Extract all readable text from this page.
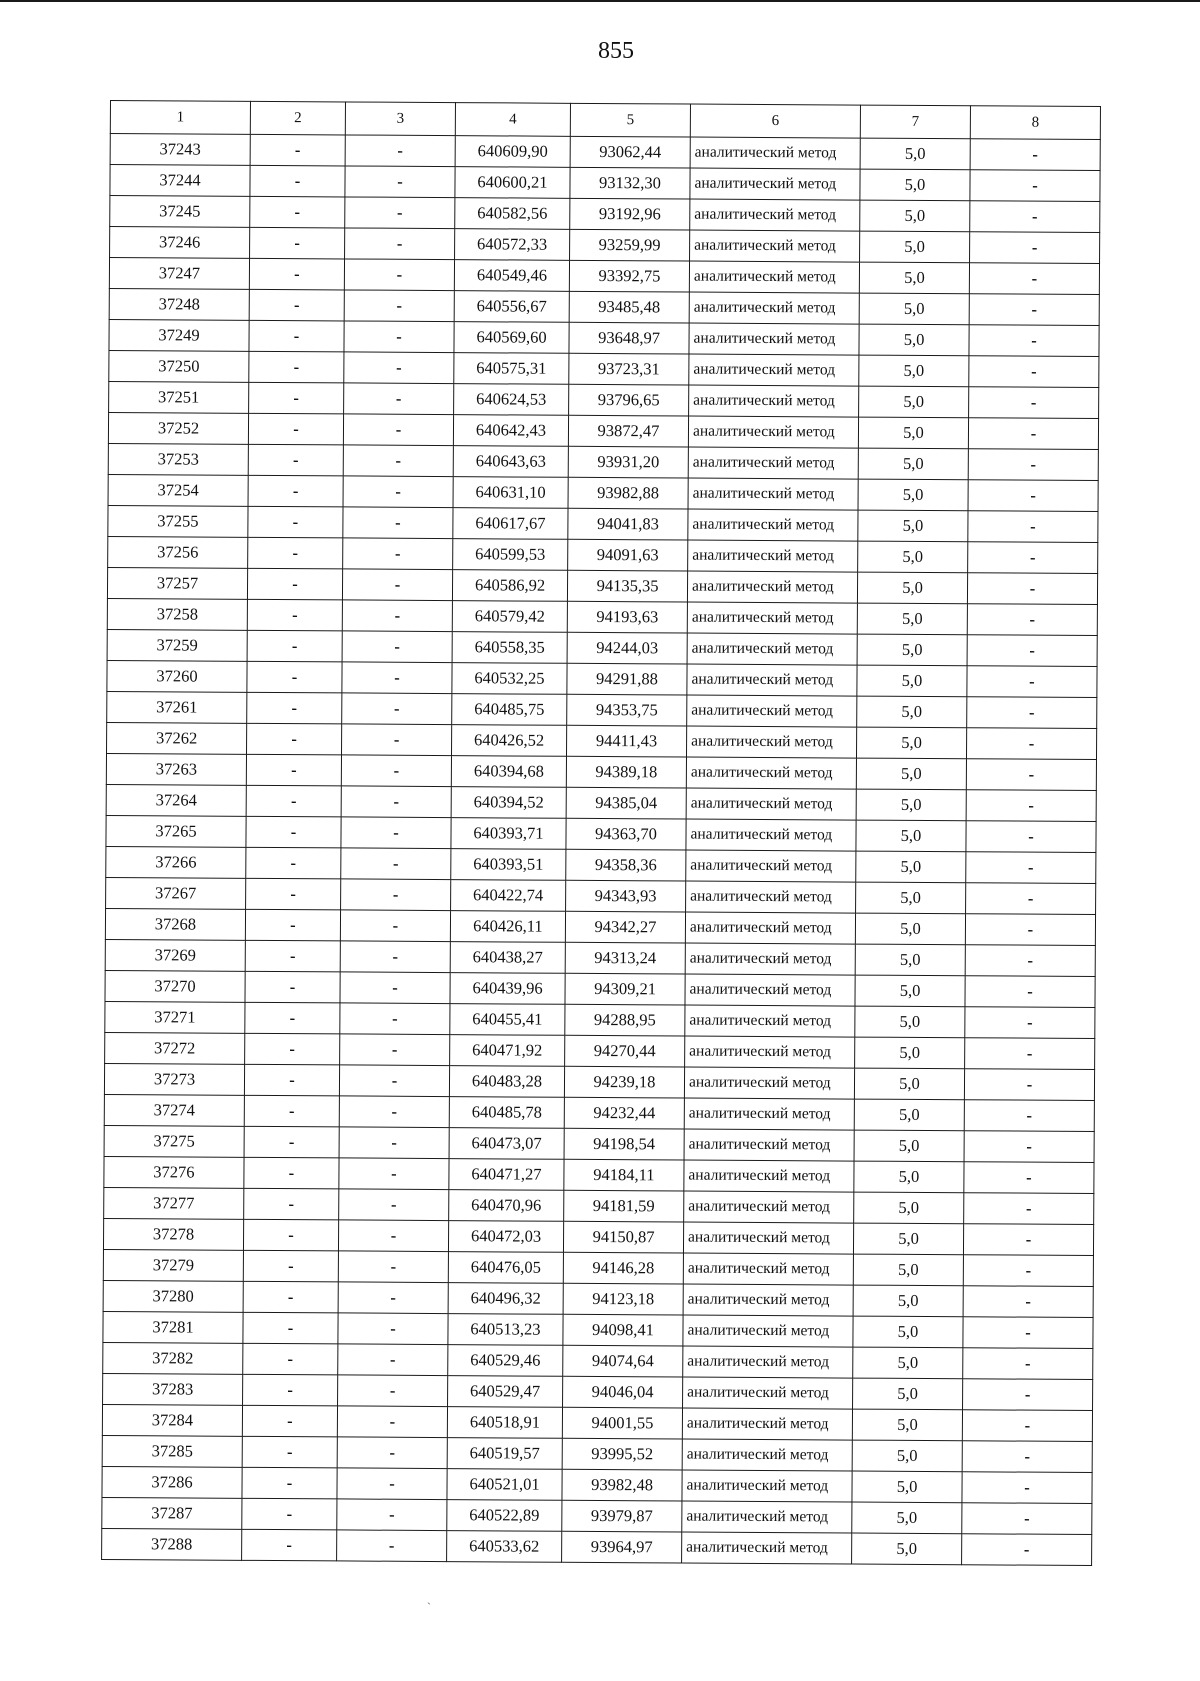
855
1	2	3	4	5	6	7	8
37243	-	-	640609,90	93062,44	аналитический метод	5,0	-
37244	-	-	640600,21	93132,30	аналитический метод	5,0	-
37245	-	-	640582,56	93192,96	аналитический метод	5,0	-
37246	-	-	640572,33	93259,99	аналитический метод	5,0	-
37247	-	-	640549,46	93392,75	аналитический метод	5,0	-
37248	-	-	640556,67	93485,48	аналитический метод	5,0	-
37249	-	-	640569,60	93648,97	аналитический метод	5,0	-
37250	-	-	640575,31	93723,31	аналитический метод	5,0	-
37251	-	-	640624,53	93796,65	аналитический метод	5,0	-
37252	-	-	640642,43	93872,47	аналитический метод	5,0	-
37253	-	-	640643,63	93931,20	аналитический метод	5,0	-
37254	-	-	640631,10	93982,88	аналитический метод	5,0	-
37255	-	-	640617,67	94041,83	аналитический метод	5,0	-
37256	-	-	640599,53	94091,63	аналитический метод	5,0	-
37257	-	-	640586,92	94135,35	аналитический метод	5,0	-
37258	-	-	640579,42	94193,63	аналитический метод	5,0	-
37259	-	-	640558,35	94244,03	аналитический метод	5,0	-
37260	-	-	640532,25	94291,88	аналитический метод	5,0	-
37261	-	-	640485,75	94353,75	аналитический метод	5,0	-
37262	-	-	640426,52	94411,43	аналитический метод	5,0	-
37263	-	-	640394,68	94389,18	аналитический метод	5,0	-
37264	-	-	640394,52	94385,04	аналитический метод	5,0	-
37265	-	-	640393,71	94363,70	аналитический метод	5,0	-
37266	-	-	640393,51	94358,36	аналитический метод	5,0	-
37267	-	-	640422,74	94343,93	аналитический метод	5,0	-
37268	-	-	640426,11	94342,27	аналитический метод	5,0	-
37269	-	-	640438,27	94313,24	аналитический метод	5,0	-
37270	-	-	640439,96	94309,21	аналитический метод	5,0	-
37271	-	-	640455,41	94288,95	аналитический метод	5,0	-
37272	-	-	640471,92	94270,44	аналитический метод	5,0	-
37273	-	-	640483,28	94239,18	аналитический метод	5,0	-
37274	-	-	640485,78	94232,44	аналитический метод	5,0	-
37275	-	-	640473,07	94198,54	аналитический метод	5,0	-
37276	-	-	640471,27	94184,11	аналитический метод	5,0	-
37277	-	-	640470,96	94181,59	аналитический метод	5,0	-
37278	-	-	640472,03	94150,87	аналитический метод	5,0	-
37279	-	-	640476,05	94146,28	аналитический метод	5,0	-
37280	-	-	640496,32	94123,18	аналитический метод	5,0	-
37281	-	-	640513,23	94098,41	аналитический метод	5,0	-
37282	-	-	640529,46	94074,64	аналитический метод	5,0	-
37283	-	-	640529,47	94046,04	аналитический метод	5,0	-
37284	-	-	640518,91	94001,55	аналитический метод	5,0	-
37285	-	-	640519,57	93995,52	аналитический метод	5,0	-
37286	-	-	640521,01	93982,48	аналитический метод	5,0	-
37287	-	-	640522,89	93979,87	аналитический метод	5,0	-
37288	-	-	640533,62	93964,97	аналитический метод	5,0	-
ˋ
